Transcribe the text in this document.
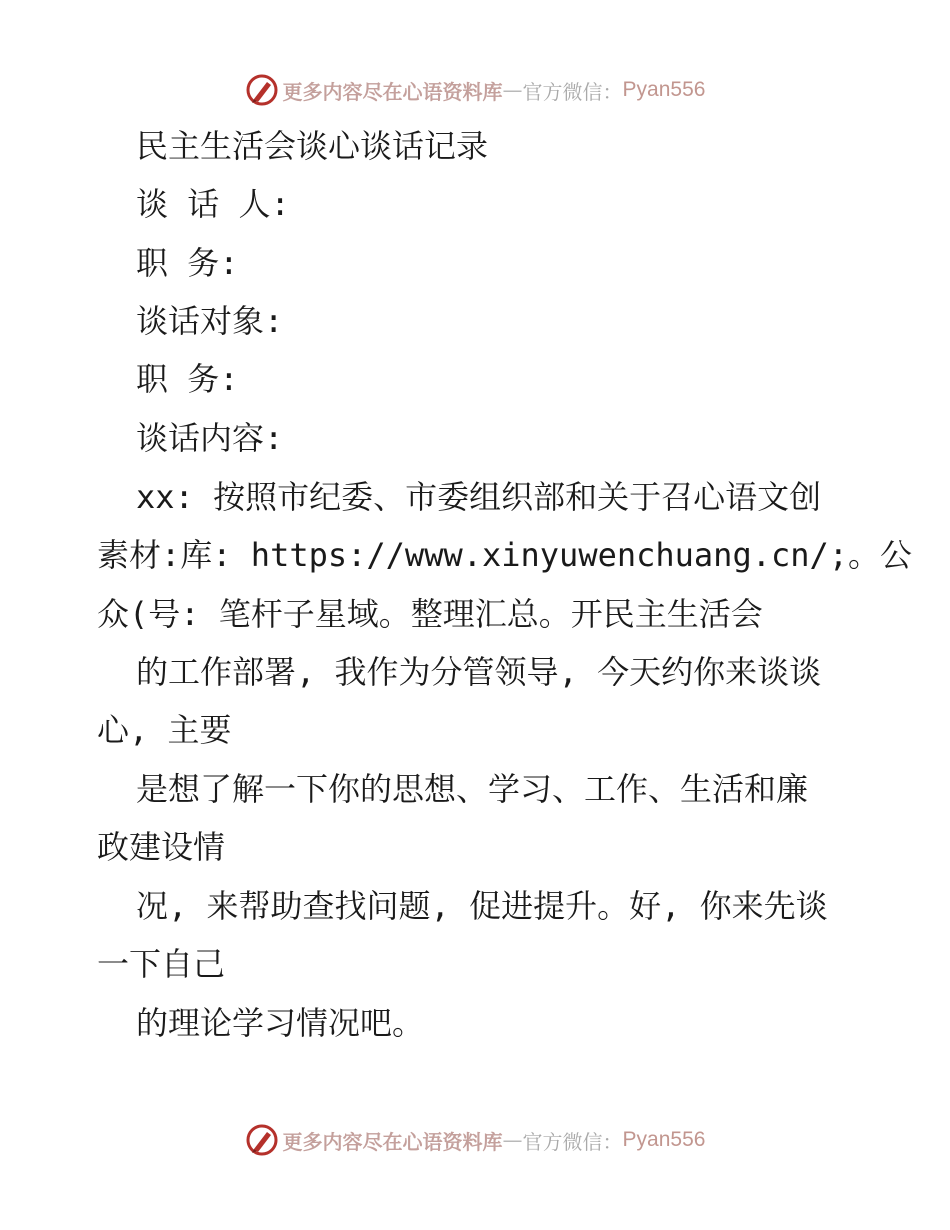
更多内容尽在心语资料库 — 官方微信： Pyan556
民主生活会谈心谈话记录
谈 话 人:
职 务:
谈话对象:
职 务:
谈话内容:
xx: 按照市纪委、市委组织部和关于召心语文创
素材:库: https://www.xinyuwenchuang.cn/;。公
众(号: 笔杆子星域。整理汇总。开民主生活会
的工作部署, 我作为分管领导, 今天约你来谈谈
心, 主要
是想了解一下你的思想、学习、工作、生活和廉
政建设情
况, 来帮助查找问题, 促进提升。好, 你来先谈
一下自己
的理论学习情况吧。
更多内容尽在心语资料库 — 官方微信： Pyan556
